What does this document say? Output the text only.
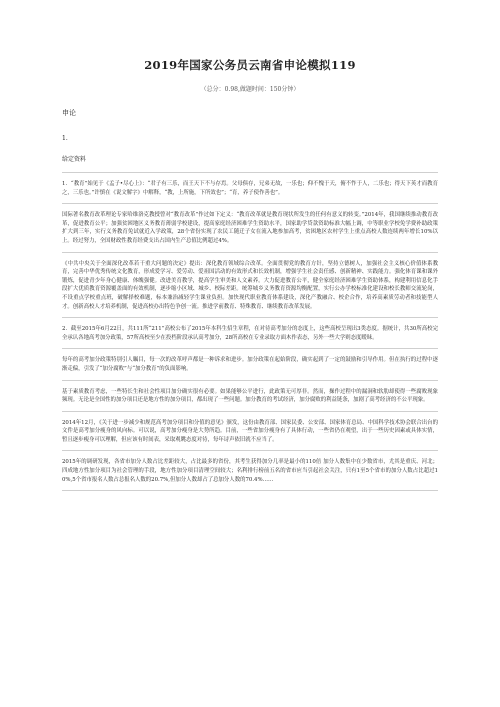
2019年国家公务员云南省申论模拟119
（总分：0.98,做题时间：150分钟）
申论
1.
给定资料

1．“教育”始见于《孟子•尽心上》：“君子有三乐，而王天下不与存焉。父母俱存，兄弟无故，一乐也；仰不愧于天，俯不怍于人，二乐也；得天下英才而教育之，三乐也。”许慎在《说文解字》中解释，“教，上所施，下所效也”；“育，养子使作善也”。

国际著名教育改革理论专家哈维洛克教授曾对“教育改革”作过如下定义：“教育改革就是教育现状所发生的任何有意义的转变。”2014年，我国继续推动教育改革，促进教育公平；加强贫困地区义务教育薄弱学校建设，提高家庭经济困难学生资助水平，国家助学贷款资助标准大幅上调，中等职业学校免学费补助政策扩大到三年，实行义务教育免试就近入学政策，28个省份实现了农民工随迁子女在流入地参加高考，贫困地区农村学生上重点高校人数连续两年增长10%以上。经过努力，全国财政性教育经费支出占国内生产总值比例超过4%。

《中共中央关于全面深化改革若干重大问题的决定》提出：深化教育领域综合改革。全面贯彻党的教育方针，坚持立德树人，加强社会主义核心价值体系教育，完善中华优秀传统文化教育，形成爱学习、爱劳动、爱祖国活动的有效形式和长效机制，增强学生社会责任感、创新精神、实践能力。强化体育课和课外锻炼，促进青少年身心健康、体魄强健。改进美育教学，提高学生审美和人文素养。大力促进教育公平，健全家庭经济困难学生资助体系，构建利用信息化手段扩大优质教育资源覆盖面的有效机制，逐步缩小区域、城乡、校际差距。统筹城乡义务教育资源均衡配置，实行公办学校标准化建设和校长教师交流轮岗，不设重点学校重点班，破解择校难题，标本兼治减轻学生课业负担。加快现代职业教育体系建设，深化产教融合、校企合作，培养高素质劳动者和技能型人才。创新高校人才培养机制，促进高校办出特色争创一流。推进学前教育、特殊教育、继续教育改革发展。

2．截至2015年6月22日，共111所“211”高校公布了2015年本科生招生章程，在对待高考加分的态度上，这些高校呈现出3类态度。据统计，共30所高校完全承认各地高考加分政策，57所高校至少在投档阶段承认高考加分，28所高校在专业录取方面木作表态，另外一些大学则态度暧昧。

每年的高考加分政策特别引人瞩目，每一次的改革呼声都是一种诉求和进步。加分政策在起始阶段，确实起到了一定的鼓励和引导作用。但在执行的过程中逐渐走偏，引发了“加分腐败”与“加分教育”的负面影响。

基于素质教育考虑，一些特长生和社会性项目加分确实很有必要。如果能够公平进行，此政策无可厚非。然而，操作过程中的漏洞和软肋却使得一些腐败现象频现。无论是全国性的加分项目还是地方性的加分项目，都出现了一些问题。加分教育的考试经济，加分腐败的利益链条，加剧了高考经济的不公平现象。

2014年12月，《关于进一步减少和规范高考加分项目和分值的意见》颁发，这份由教育部、国家民委、公安部、国家体育总局、中国科学技术协会联合出台的文件是高考加分瘦身的风向标。可以说，高考加分瘦身是大势所趋。目前，一些省加分瘦身有了具体行动，一些省仍在观望，出于一些历史因素或具体实情，暂且逐步瘦身可以理解，但应该有时间表，采取观眺态度对待，每年诗声依旧就不应当了。

2015年的调研发现，各省市加分人数占比差距较大，占比最多的省份，其考生获得加分几率是最小的110倍 加分人数集中在少数省市，尤其是重庆、河北；四成地方性加分项目为社会管理的手段，地方性加分项目清理空间较大；名利排行榜前五名的省市应当引起社会关注，只有1至5个省市的加分人数占比超过10%,5个省市报名人数占总报名人数的20.7%,但加分人数却占了总加分人数的70.4%……
